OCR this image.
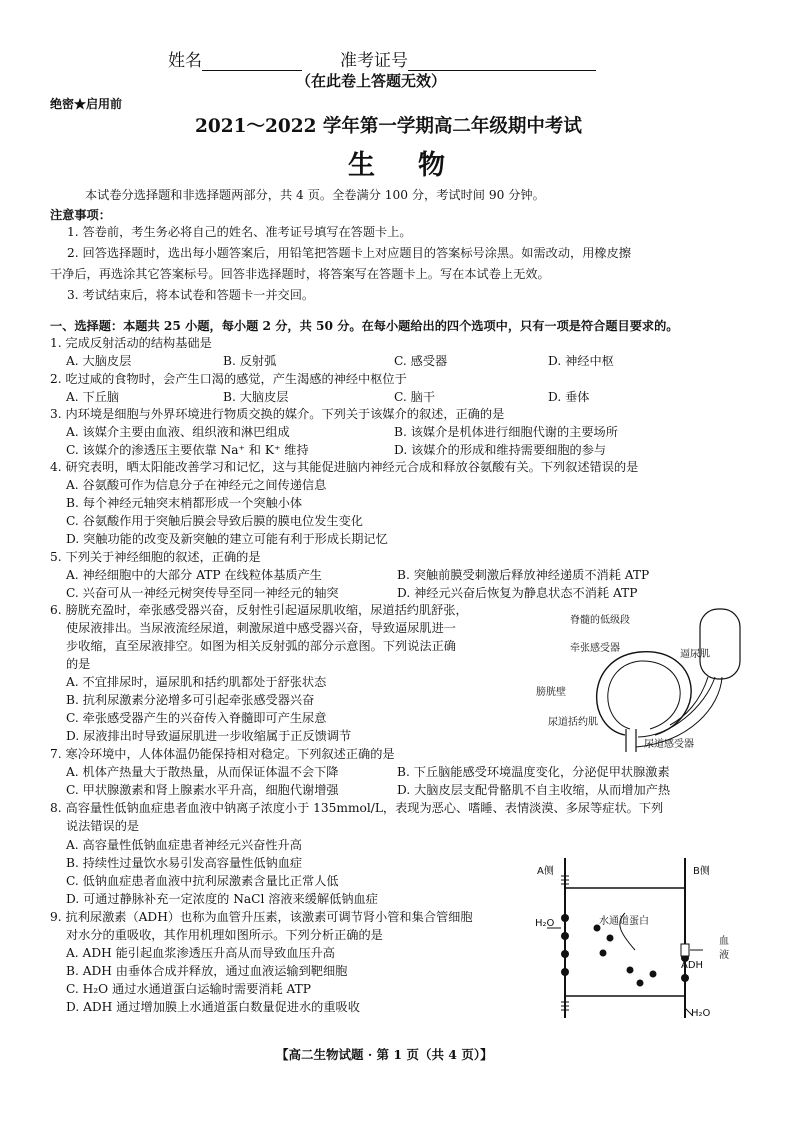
姓名	准考证号
（在此卷上答题无效）
绝密★启用前
2021～2022 学年第一学期高二年级期中考试
生　物
本试卷分选择题和非选择题两部分，共 4 页。全卷满分 100 分，考试时间 90 分钟。
注意事项：
1. 答卷前，考生务必将自己的姓名、准考证号填写在答题卡上。
2. 回答选择题时，选出每小题答案后，用铅笔把答题卡上对应题目的答案标号涂黑。如需改动，用橡皮擦
干净后，再选涂其它答案标号。回答非选择题时，将答案写在答题卡上。写在本试卷上无效。
3. 考试结束后，将本试卷和答题卡一并交回。
一、选择题：本题共 25 小题，每小题 2 分，共 50 分。在每小题给出的四个选项中，只有一项是符合题目要求的。
1. 完成反射活动的结构基础是
A. 大脑皮层	B. 反射弧	C. 感受器	D. 神经中枢
2. 吃过咸的食物时，会产生口渴的感觉，产生渴感的神经中枢位于
A. 下丘脑	B. 大脑皮层	C. 脑干	D. 垂体
3. 内环境是细胞与外界环境进行物质交换的媒介。下列关于该媒介的叙述，正确的是
A. 该媒介主要由血液、组织液和淋巴组成	B. 该媒介是机体进行细胞代谢的主要场所
C. 该媒介的渗透压主要依靠 Na⁺ 和 K⁺ 维持	D. 该媒介的形成和维持需要细胞的参与
4. 研究表明，晒太阳能改善学习和记忆，这与其能促进脑内神经元合成和释放谷氨酸有关。下列叙述错误的是
A. 谷氨酸可作为信息分子在神经元之间传递信息
B. 每个神经元轴突末梢都形成一个突触小体
C. 谷氨酸作用于突触后膜会导致后膜的膜电位发生变化
D. 突触功能的改变及新突触的建立可能有利于形成长期记忆
5. 下列关于神经细胞的叙述，正确的是
A. 神经细胞中的大部分 ATP 在线粒体基质产生	B. 突触前膜受刺激后释放神经递质不消耗 ATP
C. 兴奋可从一神经元树突传导至同一神经元的轴突	D. 神经元兴奋后恢复为静息状态不消耗 ATP
6. 膀胱充盈时，牵张感受器兴奋，反射性引起逼尿肌收缩，尿道括约肌舒张，
使尿液排出。当尿液流经尿道，刺激尿道中感受器兴奋，导致逼尿肌进一
步收缩，直至尿液排空。如图为相关反射弧的部分示意图。下列说法正确
的是
A. 不宜排尿时，逼尿肌和括约肌都处于舒张状态
B. 抗利尿激素分泌增多可引起牵张感受器兴奋
C. 牵张感受器产生的兴奋传入脊髓即可产生尿意
D. 尿液排出时导致逼尿肌进一步收缩属于正反馈调节
脊髓的低级段
牵张感受器
逼尿肌
膀胱壁
尿道括约肌
尿道感受器
7. 寒冷环境中，人体体温仍能保持相对稳定。下列叙述正确的是
A. 机体产热量大于散热量，从而保证体温不会下降	B. 下丘脑能感受环境温度变化，分泌促甲状腺激素
C. 甲状腺激素和肾上腺素水平升高，细胞代谢增强	D. 大脑皮层支配骨骼肌不自主收缩，从而增加产热
8. 高容量性低钠血症患者血液中钠离子浓度小于 135mmol/L，表现为恶心、嗜睡、表情淡漠、多尿等症状。下列
说法错误的是
A. 高容量性低钠血症患者神经元兴奋性升高
B. 持续性过量饮水易引发高容量性低钠血症
C. 低钠血症患者血液中抗利尿激素含量比正常人低
D. 可通过静脉补充一定浓度的 NaCl 溶液来缓解低钠血症
9. 抗利尿激素（ADH）也称为血管升压素，该激素可调节肾小管和集合管细胞
对水分的重吸收，其作用机理如图所示。下列分析正确的是
A. ADH 能引起血浆渗透压升高从而导致血压升高
B. ADH 由垂体合成并释放，通过血液运输到靶细胞
C. H₂O 通过水通道蛋白运输时需要消耗 ATP
D. ADH 通过增加膜上水通道蛋白数量促进水的重吸收
A侧	B侧
水通道蛋白
H₂O
ADH
H₂O
血
液
【高二生物试题 · 第 1 页（共 4 页）】
